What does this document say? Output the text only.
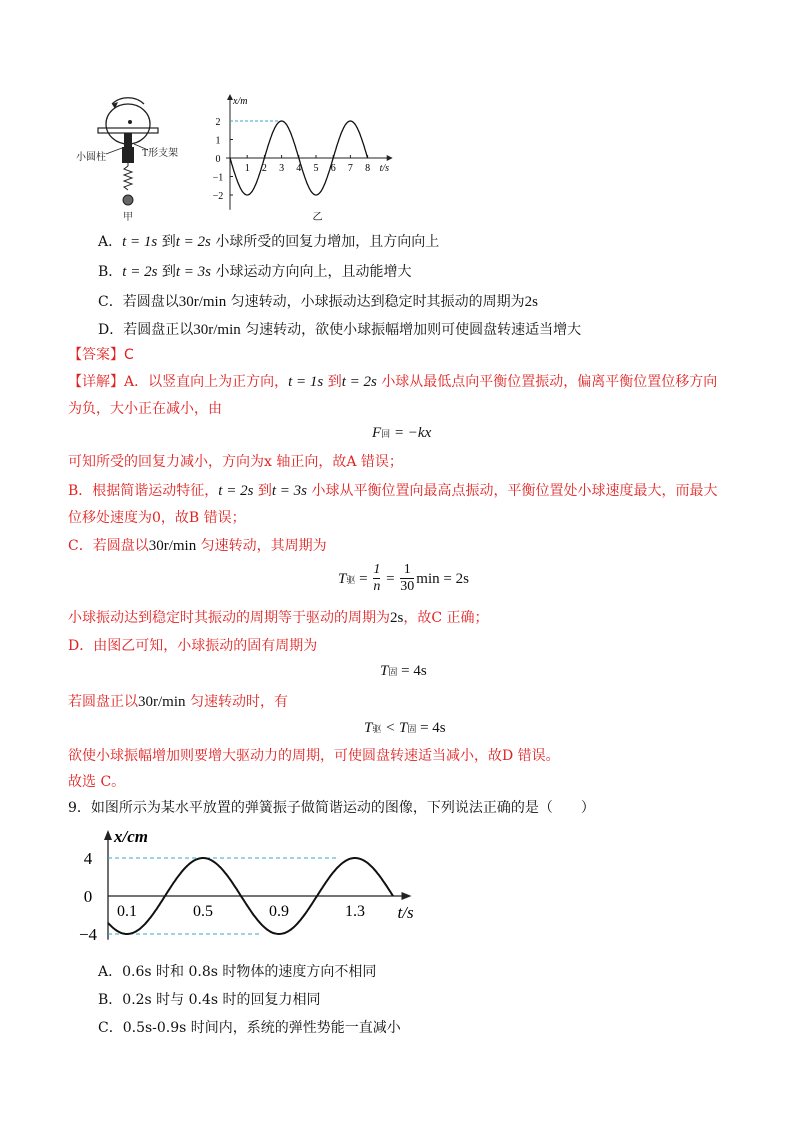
小圆柱	T形支架
甲
x/m
t/s
2
1
0
−1
−2
1 2 3 4 5 6 7 8
乙
A．t = 1s 到t = 2s 小球所受的回复力增加，且方向向上
B．t = 2s 到t = 3s 小球运动方向向上，且动能增大
C．若圆盘以30r/min 匀速转动，小球振动达到稳定时其振动的周期为2s
D．若圆盘正以30r/min 匀速转动，欲使小球振幅增加则可使圆盘转速适当增大
【答案】C
【详解】A．以竖直向上为正方向，t = 1s 到t = 2s 小球从最低点向平衡位置振动，偏离平衡位置位移方向
为负，大小正在减小，由
F回 = −kx
可知所受的回复力减小，方向为x 轴正向，故A 错误；
B．根据简谐运动特征，t = 2s 到t = 3s 小球从平衡位置向最高点振动，平衡位置处小球速度最大，而最大
位移处速度为0，故B 错误；
C．若圆盘以30r/min 匀速转动，其周期为
T驱 = $\frac{1}{n} = \frac{1}{30}$ min = 2s
小球振动达到稳定时其振动的周期等于驱动的周期为2s，故C 正确；
D．由图乙可知，小球振动的固有周期为
T固 = 4s
若圆盘正以30r/min 匀速转动时，有
T驱 < T固 = 4s
欲使小球振幅增加则要增大驱动力的周期，可使圆盘转速适当减小，故D 错误。
故选 C。
9．如图所示为某水平放置的弹簧振子做简谐运动的图像，下列说法正确的是（　　）
x/cm
t/s
4
0
−4
0.1	0.5	0.9	1.3
A．0.6s 时和 0.8s 时物体的速度方向不相同
B．0.2s 时与 0.4s 时的回复力相同
C．0.5s-0.9s 时间内，系统的弹性势能一直减小
